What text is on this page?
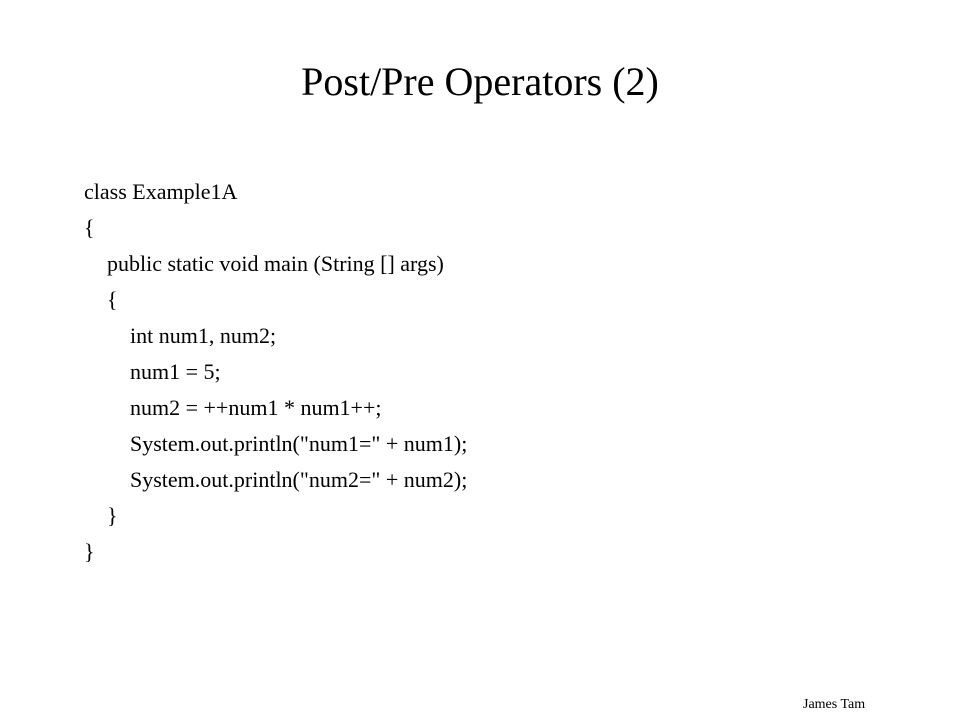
Post/Pre Operators (2)
class Example1A
{
public static void main (String [] args)
{
int num1, num2;
num1 = 5;
num2 = ++num1 * num1++;
System.out.println("num1=" + num1);
System.out.println("num2=" + num2);
}
}
James Tam
